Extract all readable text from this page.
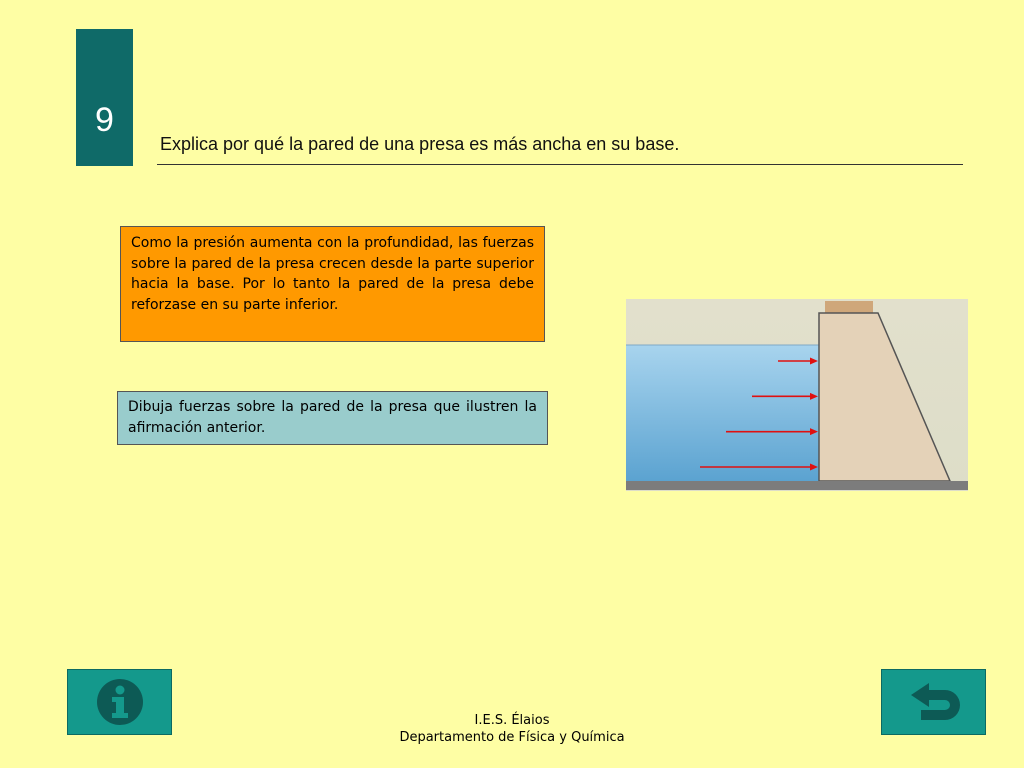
9
Explica por qué la pared de una presa es más ancha en su base.
Como la presión aumenta con la profundidad, las fuerzas sobre la pared de la presa crecen desde la parte superior hacia la base. Por lo tanto la pared de la presa debe reforzase en su parte inferior.
Dibuja fuerzas sobre la pared de la presa que ilustren la afirmación anterior.
I.E.S. Élaios
Departamento de Física y Química
